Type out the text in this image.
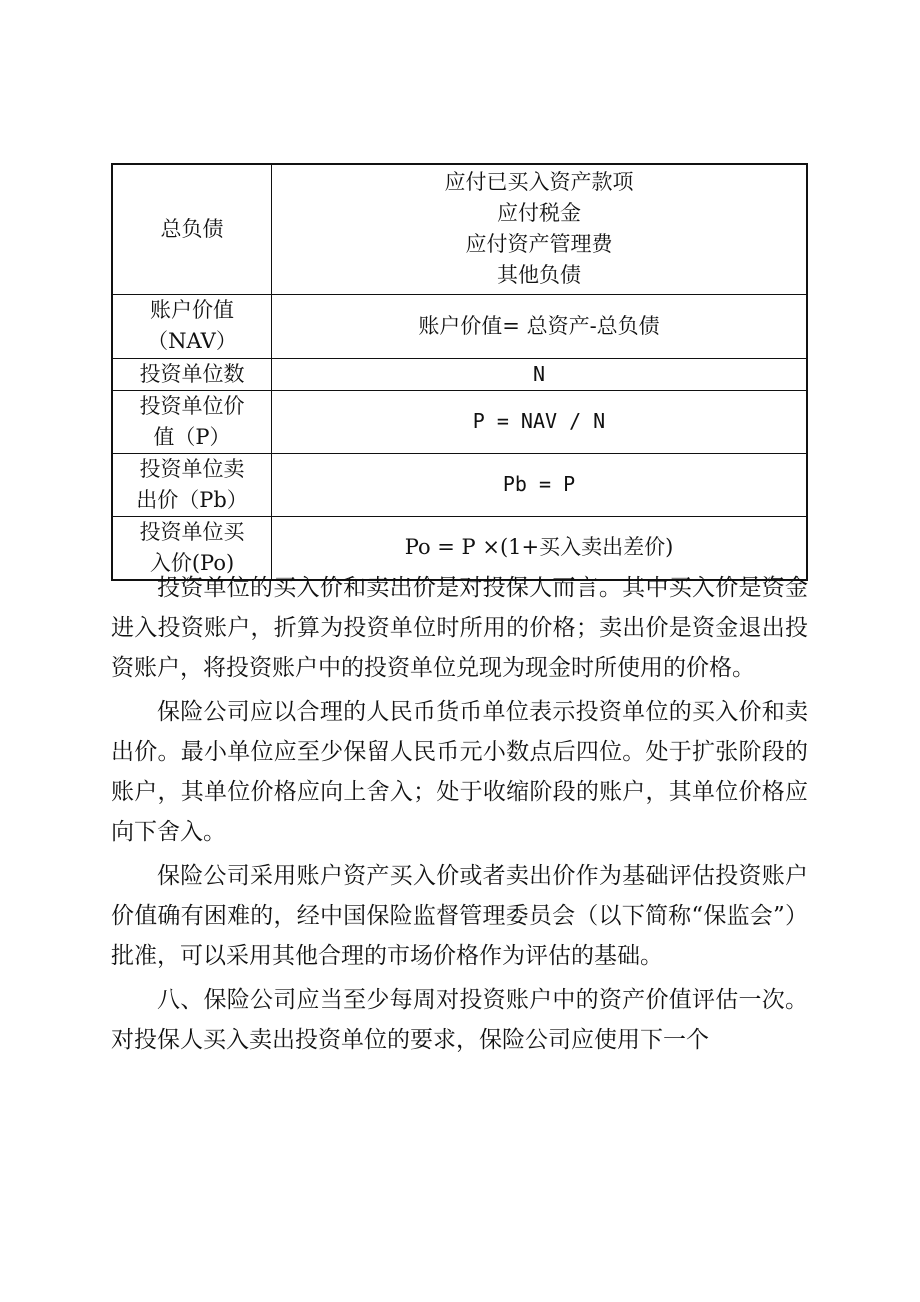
总负债	应付已买入资产款项
应付税金
应付资产管理费
其他负债

账户价值
（NAV）	账户价值= 总资产-总负债

投资单位数	N

投资单位价
值（P）	P = NAV / N

投资单位卖
出价（Pb）	Pb = P

投资单位买
入价(Po)	Po = P ×(1+买入卖出差价)

投资单位的买入价和卖出价是对投保人而言。其中买入价是资金进入投资账户，折算为投资单位时所用的价格；卖出价是资金退出投资账户，将投资账户中的投资单位兑现为现金时所使用的价格。

保险公司应以合理的人民币货币单位表示投资单位的买入价和卖出价。最小单位应至少保留人民币元小数点后四位。处于扩张阶段的账户，其单位价格应向上舍入；处于收缩阶段的账户，其单位价格应向下舍入。

保险公司采用账户资产买入价或者卖出价作为基础评估投资账户价值确有困难的，经中国保险监督管理委员会（以下简称“保监会”）批准，可以采用其他合理的市场价格作为评估的基础。

八、保险公司应当至少每周对投资账户中的资产价值评估一次。对投保人买入卖出投资单位的要求，保险公司应使用下一个
